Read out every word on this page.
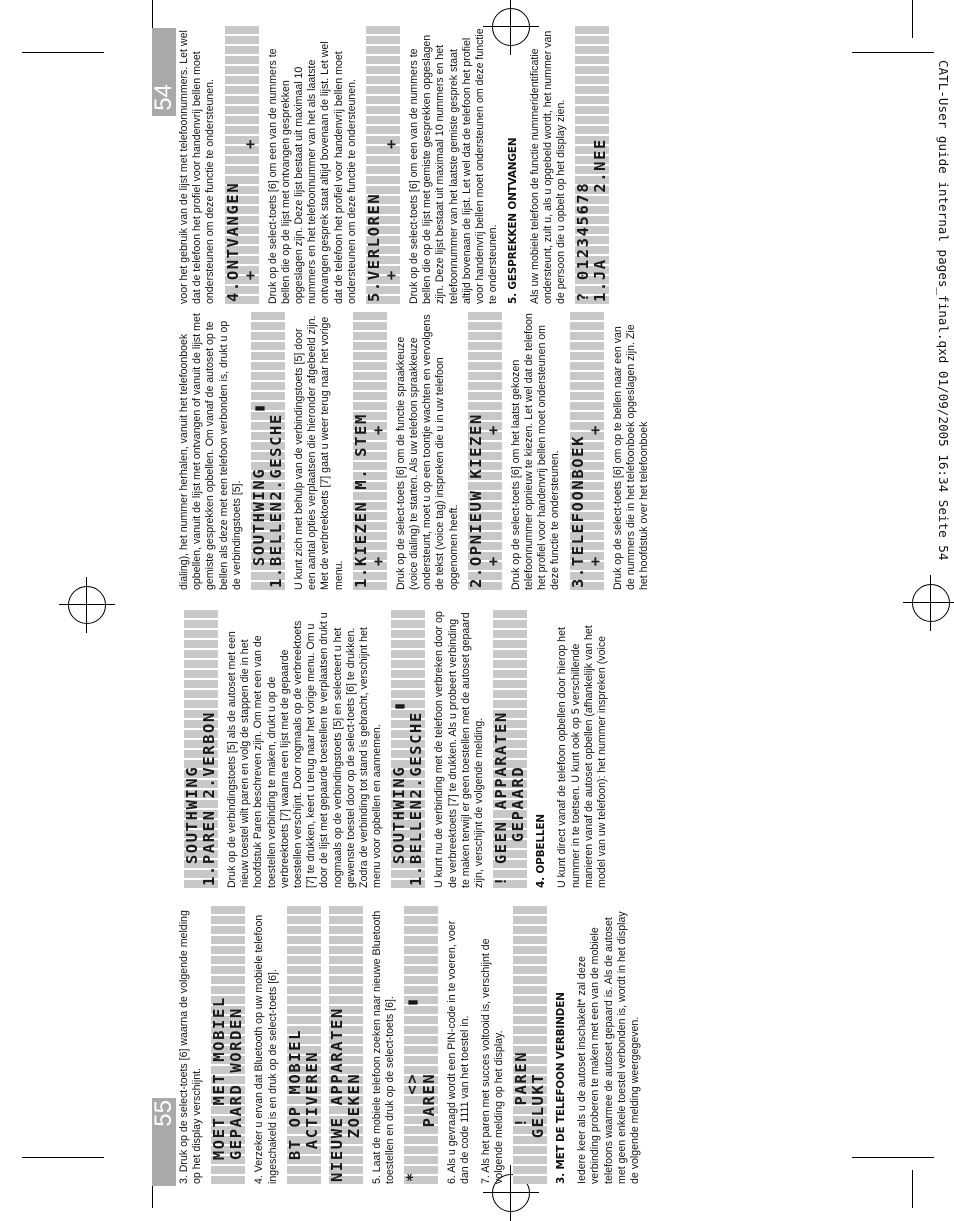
54
55
CATL-User guide internal pages_final.qxd 01/09/2005 16:34 Seite 54

3. Druk op de select-toets [6] waarna de volgende melding op het display verschijnt. MOET MET MOBIEL GEPAARD WORDEN 4. Verzeker u ervan dat Bluetooth op uw mobiele telefoon ingeschakeld is en druk op de select-toets [6]. BT OP MOBIEL ACTIVEREN NIEUWE APPARATEN ZOEKEN 5. Laat de mobiele telefoon zoeken naar nieuwe Bluetooth toestellen en druk op de select-toets [6]. *       <>      ▮ PAREN 6. Als u gevraagd wordt een PIN-code in te voeren, voer dan de code 1111 van het toestel in. 7. Als het paren met succes voltooid is, verschijnt de volgende melding op het display. ! PAREN GELUKT 3. MET DE TELEFOON VERBINDEN Iedere keer als u de autoset inschakelt* zal deze verbinding proberen te maken met een van de mobiele telefoons waarmee de autoset gepaard is. Als de autoset met geen enkele toestel verbonden is, wordt in het display de volgende melding weergegeven.

SOUTHWING 1.PAREN 2.VERBON Druk op de verbindingstoets [5] als de autoset met een nieuw toestel wilt paren en volg de stappen die in het hoofdstuk Paren beschreven zijn. Om met een van de toestellen verbinding te maken, drukt u op de verbreektoets [7] waarna een lijst met de gepaarde toestellen verschijnt. Door nogmaals op de verbreektoets [7] te drukken, keert u terug naar het vorige menu. Om u door de lijst met gepaarde toestellen te verplaatsen drukt u nogmaals op de verbindingstoets [5] en selecteert u het gewenste toestel door op de select-toets [6] te drukken. Zodra de verbinding tot stand is gebracht, verschijnt het menu voor opbellen en aannemen. SOUTHWING     ▮ 1.BELLEN2.GESCHE U kunt nu de verbinding met de telefoon verbreken door op de verbreektoets [7] te drukken. Als u probeert verbinding te maken terwijl er geen toestellen met de autoset gepaard zijn, verschijnt de volgende melding. ! GEEN APPARATEN GEPAARD 4. OPBELLEN U kunt direct vanaf de telefoon opbellen door hierop het nummer in te toetsen. U kunt ook op 5 verschillende manieren vanaf de autoset opbellen (afhankelijk van het model van uw telefoon): het nummer inspreken (voice

dialing), het nummer herhalen, vanuit het telefoonboek opbellen, vanuit de lijst met ontvangen of vanuit de lijst met gemiste gesprekken opbellen. Om vanaf de autoset op te bellen als deze met een telefoon verbonden is, drukt u op de verbindingstoets [5]. SOUTHWING     ▮ 1.BELLEN2.GESCHE U kunt zich met behulp van de verbindingstoets [5] door een aantal opties verplaatsen die hieronder afgebeeld zijn. Met de verbreektoets [7] gaat u weer terug naar het vorige menu. 1.KIEZEN M. STEM +           + Druk op de select-toets [6] om de functie spraakkeuze (voice dialing) te starten. Als uw telefoon spraakkeuze ondersteunt, moet u op een toontje wachten en vervolgens de tekst (voice tag) inspreken die u in uw telefoon opgenomen heeft. 2.OPNIEUW KIEZEN +           + Druk op de select-toets [6] om het laatst gekozen telefoonnummer opnieuw te kiezen. Let wel dat de telefoon het profiel voor handenvrij bellen moet ondersteunen om deze functie te ondersteunen. 3.TELEFOONBOEK +           + Druk op de select-toets [6] om op te bellen naar een van de nummers die in het telefoonboek opgeslagen zijn. Zie het hoofdstuk over het telefoonboek

voor het gebruik van de lijst met telefoonnummers. Let wel dat de telefoon het profiel voor handenvrij bellen moet ondersteunen om deze functie te ondersteunen. 4.ONTVANGEN +           + Druk op de select-toets [6] om een van de nummers te bellen die op de lijst met ontvangen gesprekken opgeslagen zijn. Deze lijst bestaat uit maximaal 10 nummers en het telefoonnummer van het als laatste ontvangen gesprek staat altijd bovenaan de lijst. Let wel dat de telefoon het profiel voor handenvrij bellen moet ondersteunen om deze functie te ondersteunen. 5.VERLOREN +           + Druk op de select-toets [6] om een van de nummers te bellen die op de lijst met gemiste gesprekken opgeslagen zijn. Deze lijst bestaat uit maximaal 10 nummers en het telefoonnummer van het laatste gemiste gesprek staat altijd bovenaan de lijst. Let wel dat de telefoon het profiel voor handenvrij bellen moet ondersteunen om deze functie te ondersteunen. 5. GESPREKKEN ONTVANGEN Als uw mobiele telefoon de functie nummeridentificatie ondersteunt, zult u, als u opgebeld wordt, het nummer van de persoon die u opbelt op het display zien. ? 012345678 1.JA      2.NEE
